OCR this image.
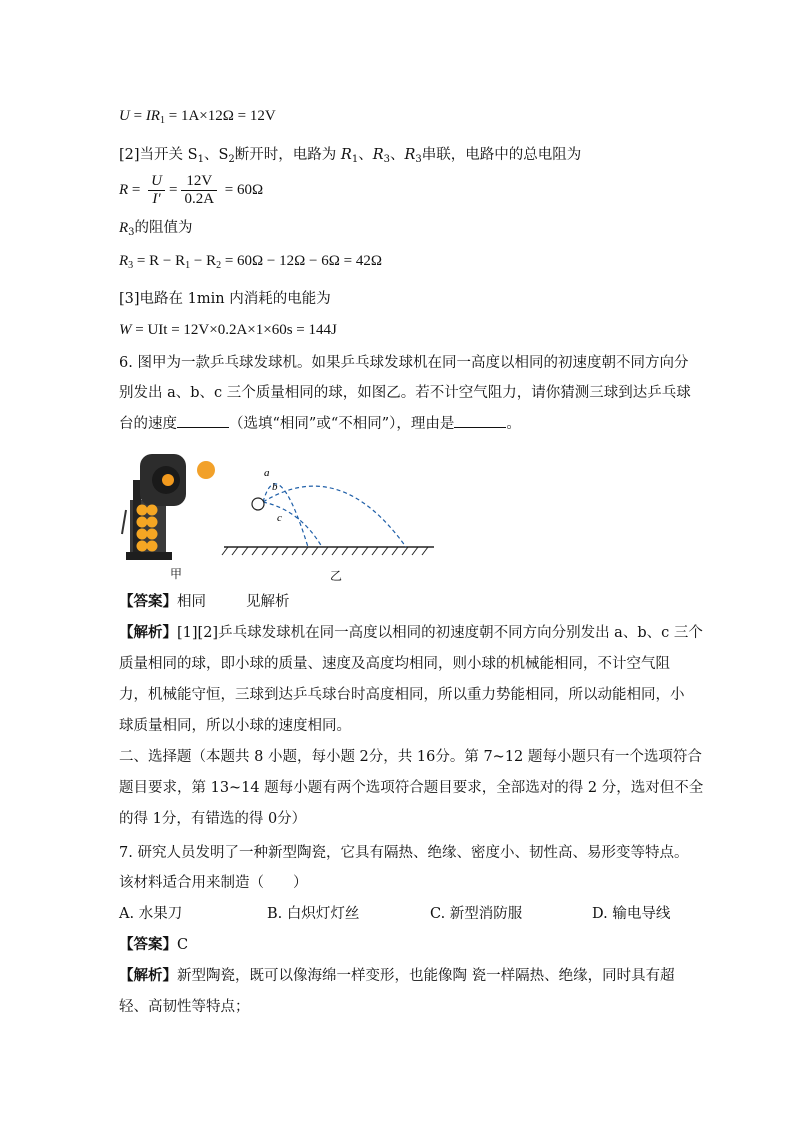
$U = IR_1 = 1A\times 12\Omega = 12V$
[2]当开关 $S_1$、$S_2$断开时，电路为 $R_1$、$R_3$、$R_3$串联，电路中的总电阻为
$R = \frac{U}{I'} = \frac{12V}{0.2A} = 60\Omega$
$R_3$的阻值为
$R_3 = R - R_1 - R_2 = 60\Omega - 12\Omega - 6\Omega = 42\Omega$
[3]电路在 1min 内消耗的电能为
W = UIt = 12V×0.2A×1×60s = 144J
6. 图甲为一款乒乓球发球机。如果乒乓球发球机在同一高度以相同的初速度朝不同方向分
别发出 a、b、c 三个质量相同的球，如图乙。若不计空气阻力，请你猜测三球到达乒乓球
台的速度	（选填“相同”或“不相同”），理由是	。
a
b
c
甲	乙
【答案】相同	见解析
【解析】[1][2]乒乓球发球机在同一高度以相同的初速度朝不同方向分别发出 a、b、c 三个
质量相同的球，即小球的质量、速度及高度均相同，则小球的机械能相同，不计空气阻
力，机械能守恒，三球到达乒乓球台时高度相同，所以重力势能相同，所以动能相同，小
球质量相同，所以小球的速度相同。
二、选择题（本题共 8 小题，每小题 2分，共 16分。第 7~12 题每小题只有一个选项符合
题目要求，第 13~14 题每小题有两个选项符合题目要求，全部选对的得 2 分，选对但不全
的得 1分，有错选的得 0分）
7. 研究人员发明了一种新型陶瓷，它具有隔热、绝缘、密度小、韧性高、易形变等特点。
该材料适合用来制造（　　）
A. 水果刀	B. 白炽灯灯丝	C. 新型消防服	D. 输电导线
【答案】C
【解析】新型陶瓷，既可以像海绵一样变形，也能像陶 瓷一样隔热、绝缘，同时具有超
轻、高韧性等特点；
